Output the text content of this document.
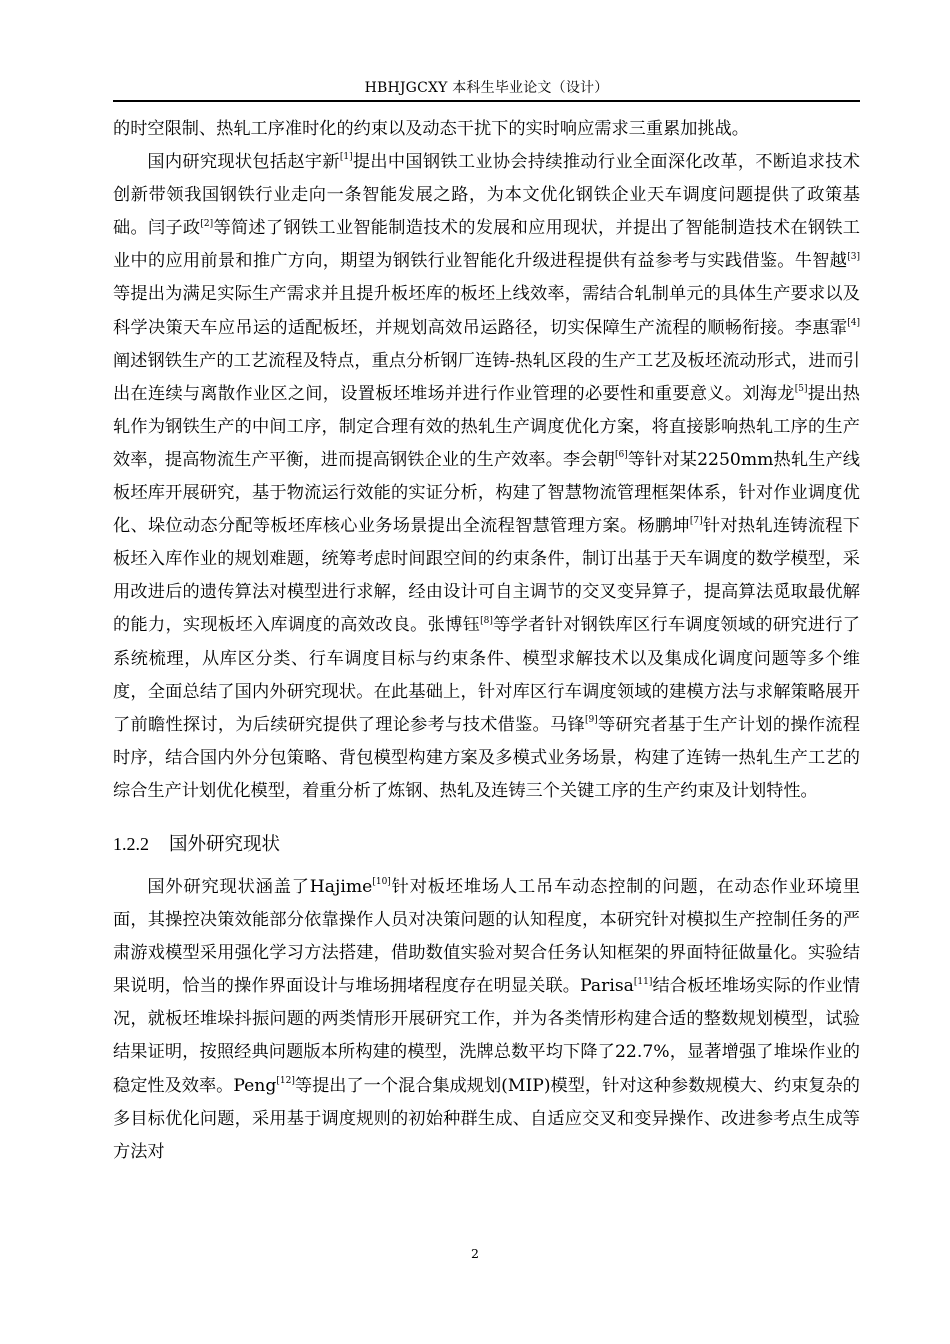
HBHJGCXY 本科生毕业论文（设计）

的时空限制、热轧工序准时化的约束以及动态干扰下的实时响应需求三重累加挑战。

国内研究现状包括赵宇新[1]提出中国钢铁工业协会持续推动行业全面深化改革，不断追求技术创新带领我国钢铁行业走向一条智能发展之路，为本文优化钢铁企业天车调度问题提供了政策基础。闫子政[2]等简述了钢铁工业智能制造技术的发展和应用现状，并提出了智能制造技术在钢铁工业中的应用前景和推广方向，期望为钢铁行业智能化升级进程提供有益参考与实践借鉴。牛智越[3]等提出为满足实际生产需求并且提升板坯库的板坯上线效率，需结合轧制单元的具体生产要求以及科学决策天车应吊运的适配板坯，并规划高效吊运路径，切实保障生产流程的顺畅衔接。李惠霏[4]阐述钢铁生产的工艺流程及特点，重点分析钢厂连铸-热轧区段的生产工艺及板坯流动形式，进而引出在连续与离散作业区之间，设置板坯堆场并进行作业管理的必要性和重要意义。刘海龙[5]提出热轧作为钢铁生产的中间工序，制定合理有效的热轧生产调度优化方案，将直接影响热轧工序的生产效率，提高物流生产平衡，进而提高钢铁企业的生产效率。李会朝[6]等针对某2250mm热轧生产线板坯库开展研究，基于物流运行效能的实证分析，构建了智慧物流管理框架体系，针对作业调度优化、垛位动态分配等板坯库核心业务场景提出全流程智慧管理方案。杨鹏坤[7]针对热轧连铸流程下板坯入库作业的规划难题，统筹考虑时间跟空间的约束条件，制订出基于天车调度的数学模型，采用改进后的遗传算法对模型进行求解，经由设计可自主调节的交叉变异算子，提高算法觅取最优解的能力，实现板坯入库调度的高效改良。张博钰[8]等学者针对钢铁库区行车调度领域的研究进行了系统梳理，从库区分类、行车调度目标与约束条件、模型求解技术以及集成化调度问题等多个维度，全面总结了国内外研究现状。在此基础上，针对库区行车调度领域的建模方法与求解策略展开了前瞻性探讨，为后续研究提供了理论参考与技术借鉴。马锋[9]等研究者基于生产计划的操作流程时序，结合国内外分包策略、背包模型构建方案及多模式业务场景，构建了连铸一热轧生产工艺的综合生产计划优化模型，着重分析了炼钢、热轧及连铸三个关键工序的生产约束及计划特性。

1.2.2 国外研究现状

国外研究现状涵盖了Hajime[10]针对板坯堆场人工吊车动态控制的问题，在动态作业环境里面，其操控决策效能部分依靠操作人员对决策问题的认知程度，本研究针对模拟生产控制任务的严肃游戏模型采用强化学习方法搭建，借助数值实验对契合任务认知框架的界面特征做量化。实验结果说明，恰当的操作界面设计与堆场拥堵程度存在明显关联。Parisa[11]结合板坯堆场实际的作业情况，就板坯堆垛抖振问题的两类情形开展研究工作，并为各类情形构建合适的整数规划模型，试验结果证明，按照经典问题版本所构建的模型，洗牌总数平均下降了22.7%，显著增强了堆垛作业的稳定性及效率。Peng[12]等提出了一个混合集成规划(MIP)模型，针对这种参数规模大、约束复杂的多目标优化问题，采用基于调度规则的初始种群生成、自适应交叉和变异操作、改进参考点生成等方法对

2
